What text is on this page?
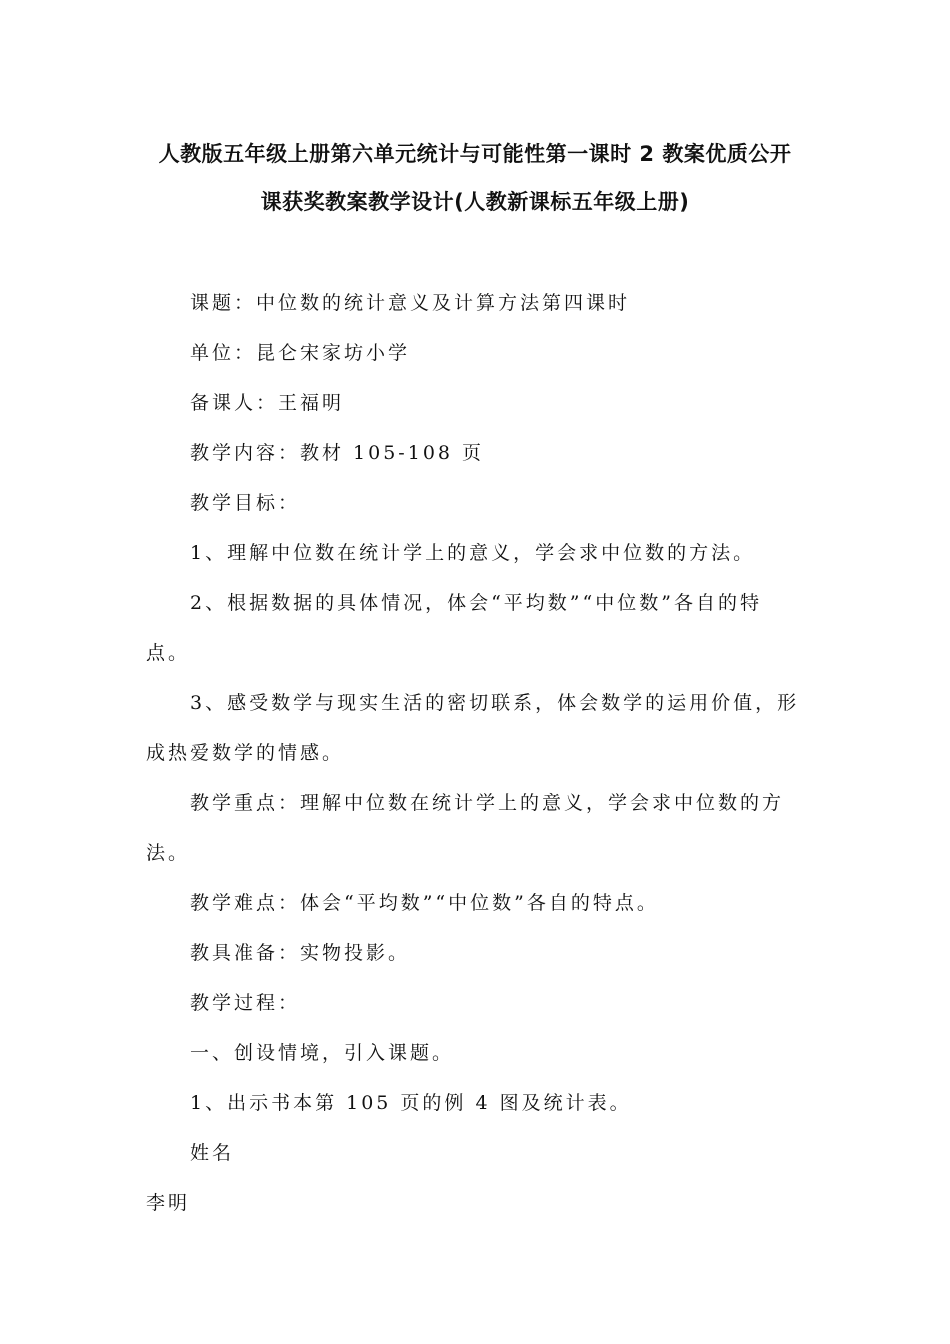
人教版五年级上册第六单元统计与可能性第一课时 2 教案优质公开
课获奖教案教学设计(人教新课标五年级上册)
课题：中位数的统计意义及计算方法第四课时
单位：昆仑宋家坊小学
备课人：王福明
教学内容：教材 105-108 页
教学目标：
1、理解中位数在统计学上的意义，学会求中位数的方法。
2、根据数据的具体情况，体会“平均数”“中位数”各自的特
点。
3、感受数学与现实生活的密切联系，体会数学的运用价值，形
成热爱数学的情感。
教学重点：理解中位数在统计学上的意义，学会求中位数的方
法。
教学难点：体会“平均数”“中位数”各自的特点。
教具准备：实物投影。
教学过程：
一、创设情境，引入课题。
1、出示书本第 105 页的例 4 图及统计表。
姓名
李明
